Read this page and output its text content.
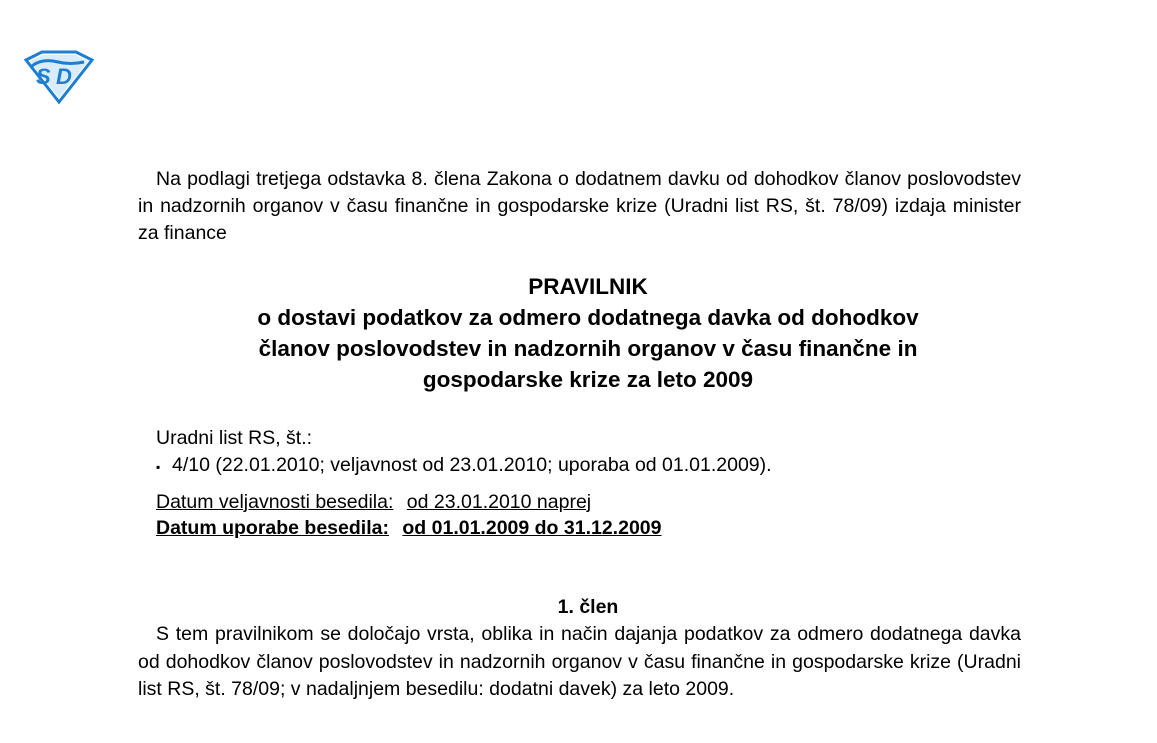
S D

Na podlagi tretjega odstavka 8. člena Zakona o dodatnem davku od dohodkov članov poslovodstev in nadzornih organov v času finančne in gospodarske krize (Uradni list RS, št. 78/09) izdaja minister za finance

PRAVILNIK
o dostavi podatkov za odmero dodatnega davka od dohodkov
članov poslovodstev in nadzornih organov v času finančne in
gospodarske krize za leto 2009
Uradni list RS, št.:
▪ 4/10 (22.01.2010; veljavnost od 23.01.2010; uporaba od 01.01.2009).
Datum veljavnosti besedila: od 23.01.2010 naprej
Datum uporabe besedila: od 01.01.2009 do 31.12.2009
1. člen

S tem pravilnikom se določajo vrsta, oblika in način dajanja podatkov za odmero dodatnega davka od dohodkov članov poslovodstev in nadzornih organov v času finančne in gospodarske krize (Uradni list RS, št. 78/09; v nadaljnjem besedilu: dodatni davek) za leto 2009.
